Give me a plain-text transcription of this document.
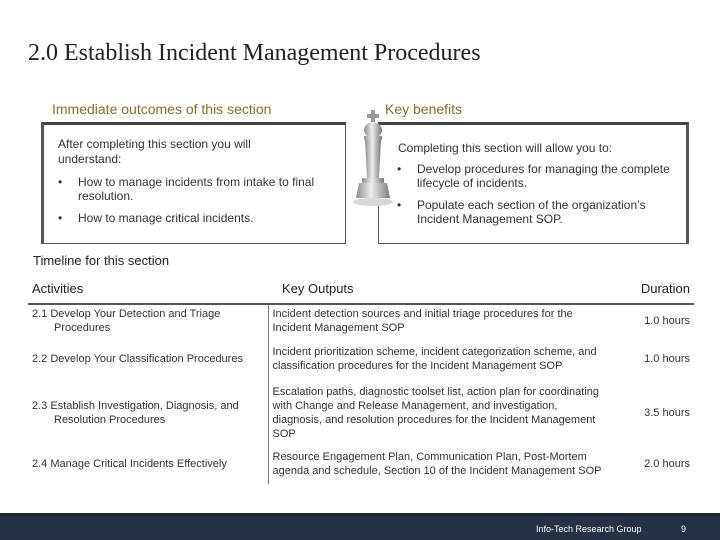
2.0 Establish Incident Management Procedures
Immediate outcomes of this section	Key benefits
After completing this section you will understand:
• How to manage incidents from intake to final resolution.
• How to manage critical incidents.
Completing this section will allow you to:
• Develop procedures for managing the complete lifecycle of incidents.
• Populate each section of the organization’s Incident Management SOP.
Timeline for this section
Activities	Key Outputs	Duration

2.1 Develop Your Detection and Triage Procedures	Incident detection sources and initial triage procedures for the Incident Management SOP	1.0 hours

2.2 Develop Your Classification Procedures	Incident prioritization scheme, incident categorization scheme, and classification procedures for the Incident Management SOP	1.0 hours

2.3 Establish Investigation, Diagnosis, and Resolution Procedures	Escalation paths, diagnostic toolset list, action plan for coordinating with Change and Release Management, and investigation, diagnosis, and resolution procedures for the Incident Management SOP	3.5 hours

2.4 Manage Critical Incidents Effectively	Resource Engagement Plan, Communication Plan, Post-Mortem agenda and schedule, Section 10 of the Incident Management SOP	2.0 hours
Info-Tech Research Group	9
